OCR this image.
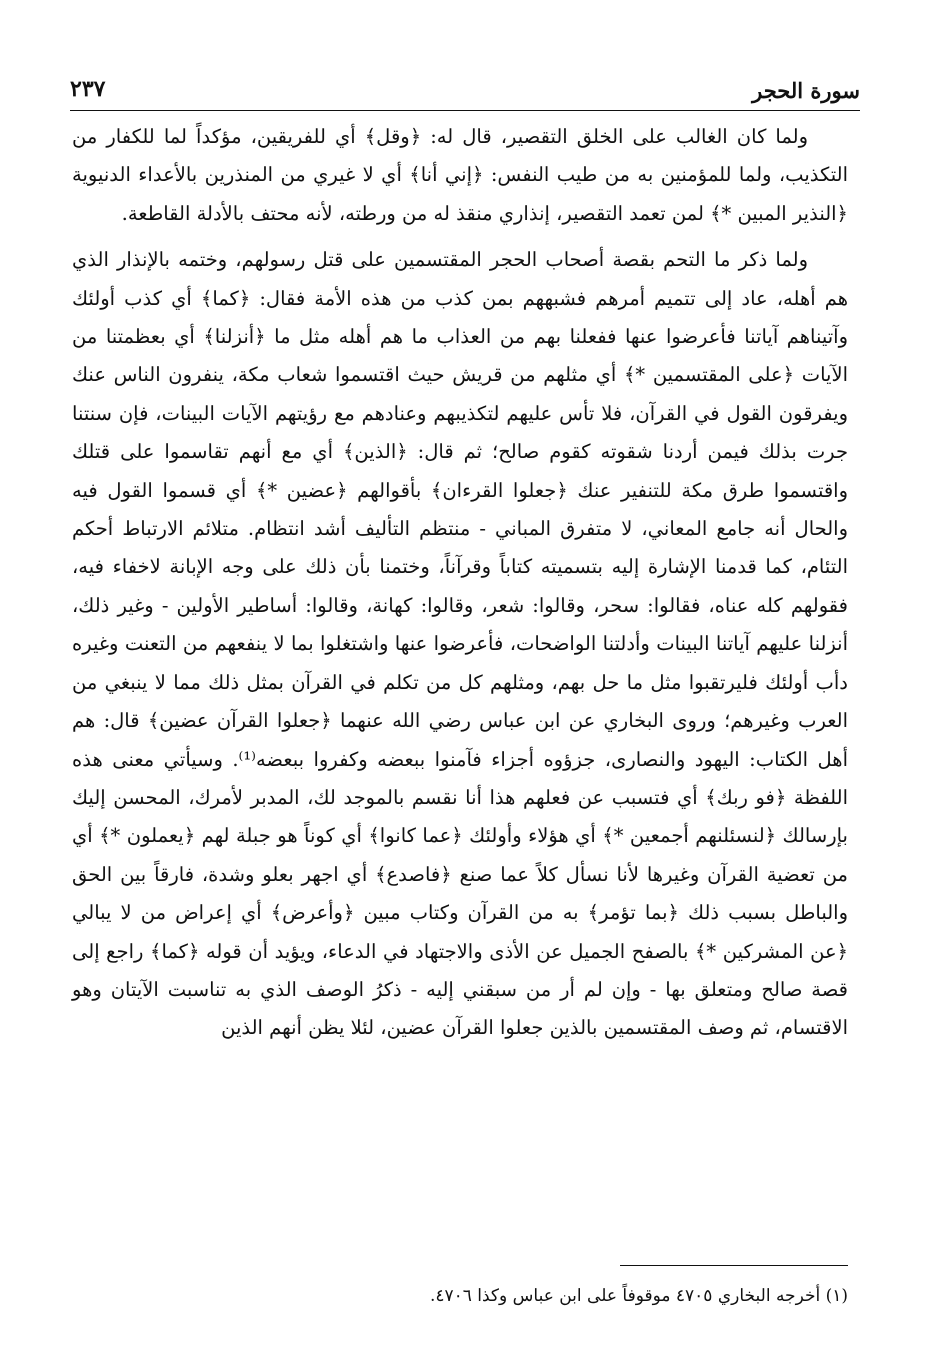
سورة الحجر
٢٣٧

ولما كان الغالب على الخلق التقصير، قال له: ﴿وقل﴾ أي للفريقين، مؤكداً لما للكفار من التكذيب، ولما للمؤمنين به من طيب النفس: ﴿إني أنا﴾ أي لا غيري من المنذرين بالأعداء الدنيوية ﴿النذير المبين *﴾ لمن تعمد التقصير، إنذاري منقذ له من ورطته، لأنه محتف بالأدلة القاطعة.

ولما ذكر ما التحم بقصة أصحاب الحجر المقتسمين على قتل رسولهم، وختمه بالإنذار الذي هم أهله، عاد إلى تتميم أمرهم فشبههم بمن كذب من هذه الأمة فقال: ﴿كما﴾ أي كذب أولئك وآتيناهم آياتنا فأعرضوا عنها ففعلنا بهم من العذاب ما هم أهله مثل ما ﴿أنزلنا﴾ أي بعظمتنا من الآيات ﴿على المقتسمين *﴾ أي مثلهم من قريش حيث اقتسموا شعاب مكة، ينفرون الناس عنك ويفرقون القول في القرآن، فلا تأس عليهم لتكذيبهم وعنادهم مع رؤيتهم الآيات البينات، فإن سنتنا جرت بذلك فيمن أردنا شقوته كقوم صالح؛ ثم قال: ﴿الذين﴾ أي مع أنهم تقاسموا على قتلك واقتسموا طرق مكة للتنفير عنك ﴿جعلوا القرءان﴾ بأقوالهم ﴿عضين *﴾ أي قسموا القول فيه والحال أنه جامع المعاني، لا متفرق المباني - منتظم التأليف أشد انتظام. متلائم الارتباط أحكم التئام، كما قدمنا الإشارة إليه بتسميته كتاباً وقرآناً، وختمنا بأن ذلك على وجه الإبانة لاخفاء فيه، فقولهم كله عناه، فقالوا: سحر، وقالوا: شعر، وقالوا: كهانة، وقالوا: أساطير الأولين - وغير ذلك، أنزلنا عليهم آياتنا البينات وأدلتنا الواضحات، فأعرضوا عنها واشتغلوا بما لا ينفعهم من التعنت وغيره دأب أولئك فليرتقبوا مثل ما حل بهم، ومثلهم كل من تكلم في القرآن بمثل ذلك مما لا ينبغي من العرب وغيرهم؛ وروى البخاري عن ابن عباس رضي الله عنهما ﴿جعلوا القرآن عضين﴾ قال: هم أهل الكتاب: اليهود والنصارى، جزؤوه أجزاء فآمنوا ببعضه وكفروا ببعضه⁽¹⁾. وسيأتي معنى هذه اللفظة ﴿فو ربك﴾ أي فتسبب عن فعلهم هذا أنا نقسم بالموجد لك، المدبر لأمرك، المحسن إليك بإرسالك ﴿لنسئلنهم أجمعين *﴾ أي هؤلاء وأولئك ﴿عما كانوا﴾ أي كوناً هو جبلة لهم ﴿يعملون *﴾ أي من تعضية القرآن وغيرها لأنا نسأل كلاً عما صنع ﴿فاصدع﴾ أي اجهر بعلو وشدة، فارقاً بين الحق والباطل بسبب ذلك ﴿بما تؤمر﴾ به من القرآن وكتاب مبين ﴿وأعرض﴾ أي إعراض من لا يبالي ﴿عن المشركين *﴾ بالصفح الجميل عن الأذى والاجتهاد في الدعاء، ويؤيد أن قوله ﴿كما﴾ راجع إلى قصة صالح ومتعلق بها - وإن لم أر من سبقني إليه - ذكرُ الوصف الذي به تناسبت الآيتان وهو الاقتسام، ثم وصف المقتسمين بالذين جعلوا القرآن عضين، لئلا يظن أنهم الذين

(١) أخرجه البخاري ٤٧٠٥ موقوفاً على ابن عباس وكذا ٤٧٠٦.
